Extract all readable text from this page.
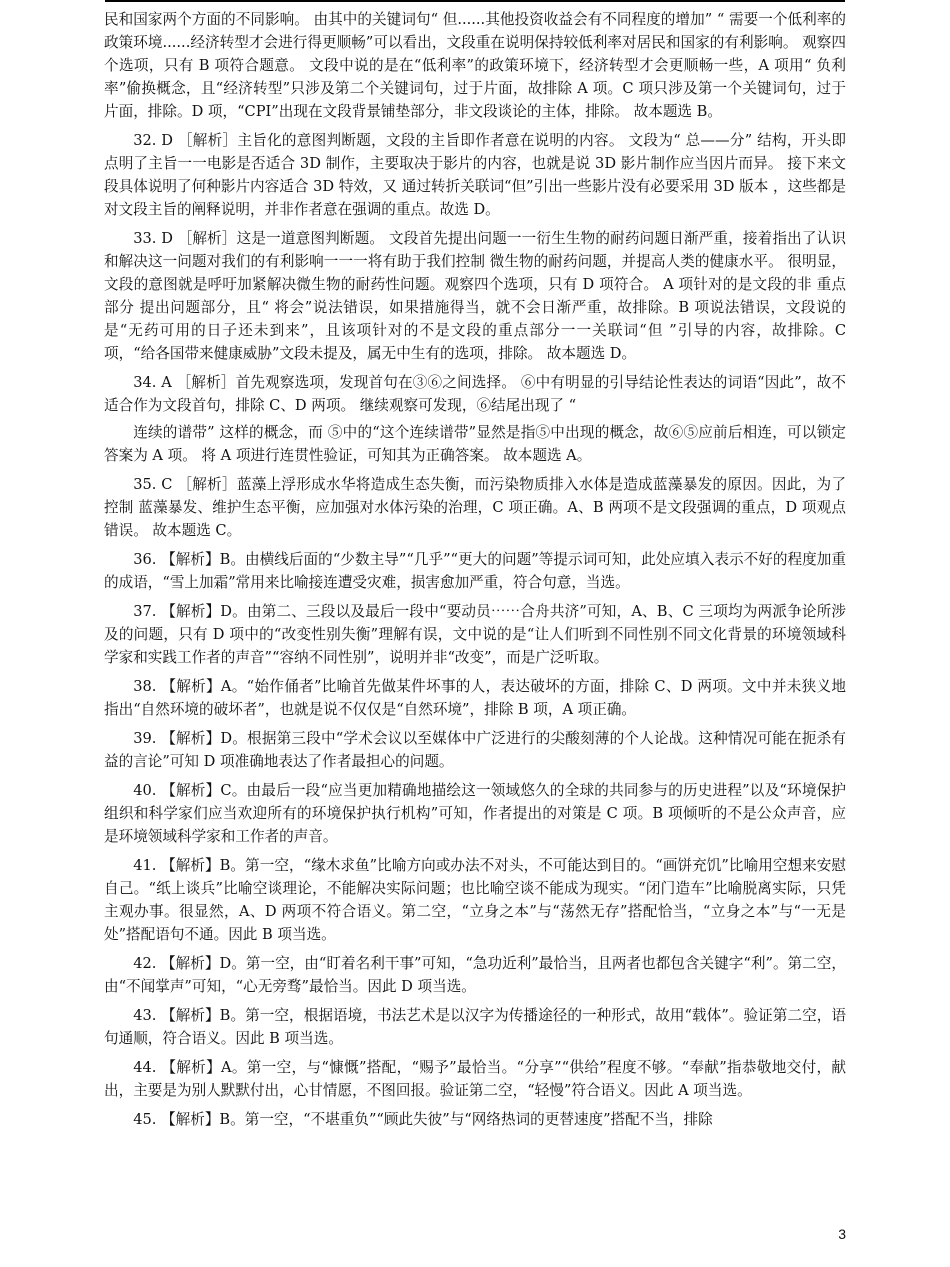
民和国家两个方面的不同影响。 由其中的关键词句“ 但......其他投资收益会有不同程度的增加” “ 需要一个低利率的政策环境......经济转型才会进行得更顺畅”可以看出，文段重在说明保持较低利率对居民和国家的有利影响。 观察四个选项，只有 B 项符合题意。 文段中说的是在“低利率”的政策环境下，经济转型才会更顺畅一些，A 项用“ 负利率”偷换概念，且“经济转型”只涉及第二个关键词句，过于片面，故排除 A 项。C 项只涉及第一个关键词句，过于片面，排除。D 项，“CPI”出现在文段背景铺垫部分，非文段谈论的主体，排除。 故本题选 B。

32. D ［解析］主旨化的意图判断题，文段的主旨即作者意在说明的内容。 文段为“ 总——分” 结构，开头即点明了主旨一一电影是否适合 3D 制作，主要取决于影片的内容，也就是说 3D 影片制作应当因片而异。 接下来文段具体说明了何种影片内容适合 3D 特效，又 通过转折关联词“但”引出一些影片没有必要采用 3D 版本 ，这些都是对文段主旨的阐释说明，并非作者意在强调的重点。故选 D。

33. D ［解析］这是一道意图判断题。 文段首先提出问题一一衍生生物的耐药问题日渐严重，接着指出了认识和解决这一问题对我们的有利影响一一一将有助于我们控制 微生物的耐药问题，并提高人类的健康水平。 很明显，文段的意图就是呼吁加紧解决微生物的耐药性问题。观察四个选项，只有 D 项符合。 A 项针对的是文段的非 重点部分 提出问题部分，且“ 将会”说法错误，如果措施得当，就不会日渐严重，故排除。B 项说法错误，文段说的是“无药可用的日子还未到来”，且该项针对的不是文段的重点部分一一关联词“但 ”引导的内容，故排除。C 项，“给各国带来健康威胁”文段未提及，属无中生有的选项，排除。 故本题选 D。

34. A ［解析］首先观察选项，发现首句在③⑥之间选择。 ⑥中有明显的引导结论性表达的词语“因此”，故不适合作为文段首句，排除 C、D 两项。 继续观察可发现，⑥结尾出现了 “

连续的谱带” 这样的概念，而 ⑤中的“这个连续谱带”显然是指⑤中出现的概念，故⑥⑤应前后相连，可以锁定答案为 A 项。 将 A 项进行连贯性验证，可知其为正确答案。 故本题选 A。

35. C ［解析］蓝藻上浮形成水华将造成生态失衡，而污染物质排入水体是造成蓝藻暴发的原因。因此，为了控制 蓝藻暴发、维护生态平衡，应加强对水体污染的治理，C 项正确。A、B 两项不是文段强调的重点，D 项观点错误。 故本题选 C。

36. 【解析】B。由横线后面的“少数主导”“几乎”“更大的问题”等提示词可知，此处应填入表示不好的程度加重的成语，“雪上加霜”常用来比喻接连遭受灾难，损害愈加严重，符合句意，当选。

37. 【解析】D。由第二、三段以及最后一段中“要动员⋯⋯合舟共济”可知，A、B、C 三项均为两派争论所涉及的问题，只有 D 项中的“改变性别失衡”理解有误，文中说的是“让人们听到不同性别不同文化背景的环境领域科学家和实践工作者的声音”“容纳不同性别”，说明并非“改变”，而是广泛听取。

38. 【解析】A。“始作俑者”比喻首先做某件坏事的人，表达破坏的方面，排除 C、D 两项。文中并未狭义地指出“自然环境的破坏者”，也就是说不仅仅是“自然环境”，排除 B 项，A 项正确。

39. 【解析】D。根据第三段中“学术会议以至媒体中广泛进行的尖酸刻薄的个人论战。这种情况可能在扼杀有益的言论”可知 D 项准确地表达了作者最担心的问题。

40. 【解析】C。由最后一段“应当更加精确地描绘这一领域悠久的全球的共同参与的历史进程”以及“环境保护组织和科学家们应当欢迎所有的环境保护执行机构”可知，作者提出的对策是 C 项。B 项倾听的不是公众声音，应是环境领域科学家和工作者的声音。

41. 【解析】B。第一空，“缘木求鱼”比喻方向或办法不对头，不可能达到目的。“画饼充饥”比喻用空想来安慰自己。“纸上谈兵”比喻空谈理论，不能解决实际问题；也比喻空谈不能成为现实。“闭门造车”比喻脱离实际，只凭主观办事。很显然，A、D 两项不符合语义。第二空，“立身之本”与“荡然无存”搭配恰当，“立身之本”与“一无是处”搭配语句不通。因此 B 项当选。

42. 【解析】D。第一空，由“盯着名利干事”可知，“急功近利”最恰当，且两者也都包含关键字“利”。第二空，由“不闻掌声”可知，“心无旁骛”最恰当。因此 D 项当选。

43. 【解析】B。第一空，根据语境，书法艺术是以汉字为传播途径的一种形式，故用“载体”。验证第二空，语句通顺，符合语义。因此 B 项当选。

44. 【解析】A。第一空，与“慷慨”搭配，“赐予”最恰当。“分享”“供给”程度不够。“奉献”指恭敬地交付，献出，主要是为别人默默付出，心甘情愿，不图回报。验证第二空，“轻慢”符合语义。因此 A 项当选。

45. 【解析】B。第一空，“不堪重负”“顾此失彼”与“网络热词的更替速度”搭配不当，排除

3
